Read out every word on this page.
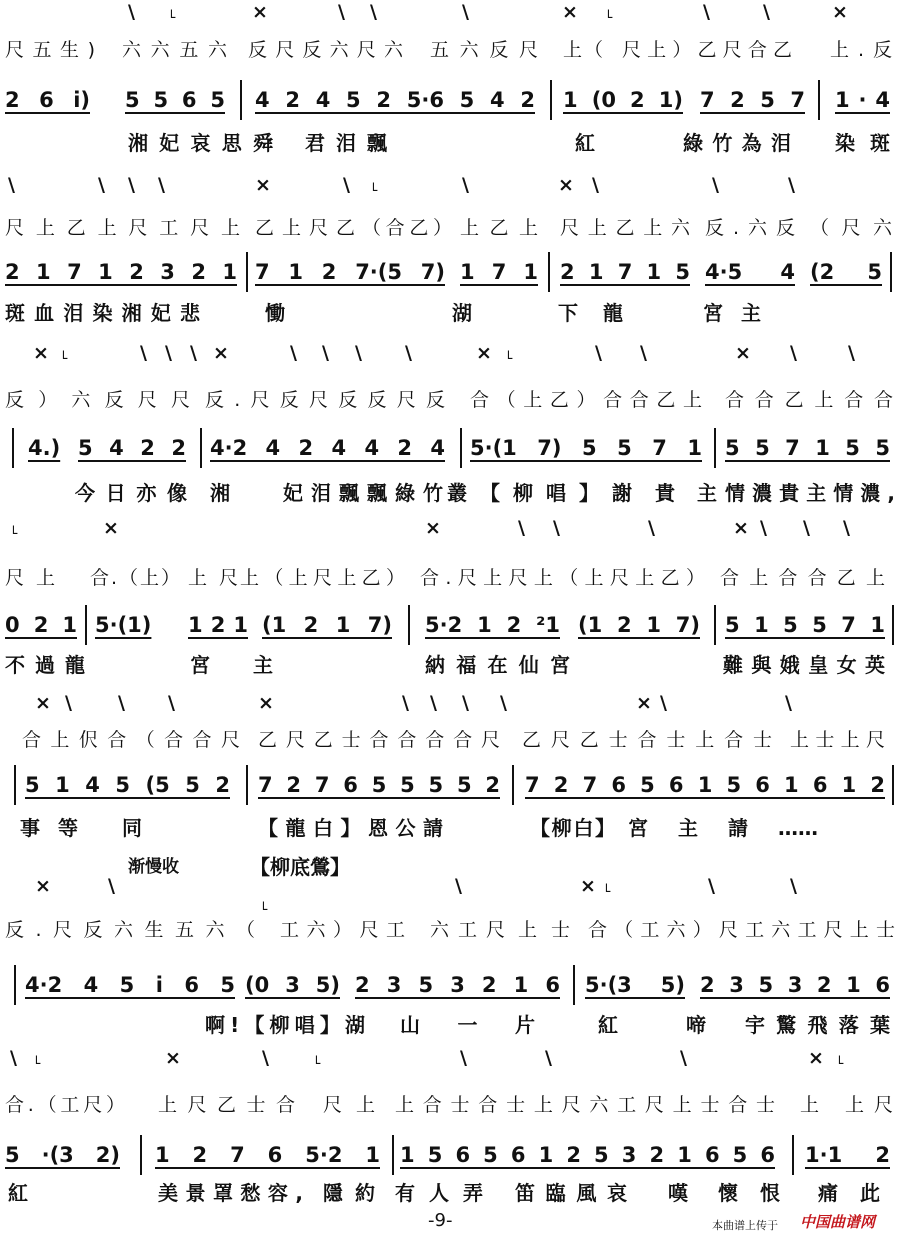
渐慢收	【柳底鶯】
-9-	本曲谱上传于 中国曲谱网
\ ˪	×	\ \	\	× ˪	\	\	×
尺五生) 六六五六 反尺反六尺六 五六反尺 上（ 尺上）乙尺合乙 上.反
2 6 i) 5 5 6 5 4 2 4 5 2 5·6 5 4 2 1 (0 2 1) 7 2 5 7 1 · 4
湘妃哀思舜 君泪飄	紅	綠竹為泪 染斑
\	\ \ \	×	\ ˪	\	× \	\	\
尺上乙上尺工尺上 乙上尺乙 （合乙） 上乙上 尺上乙上六 反.六反 （尺六
2 1 7 1 2 3 2 1 7 1 2 7·(5 7) 1 7 1 2 1 7 1 5 4·5 4 (2 5
斑血泪染湘妃悲	慟	湖	下龍	宮主
× ˪	\ \ \ ×	\ \ \ \	× ˪	\ \	× \	\
反）六反尺尺 反.尺反尺反反尺反 合（上乙）合合乙上 合合乙上合合
4.) 5 4 2 2 4·2 4 2 4 4 2 4 5·(1 7) 5 5 7 1 5 5 7 1 5 5
今日亦像 湘	妃泪飄飄綠竹 叢【柳唱】謝 貴主 情濃貴主情濃,
˪	×	×	\ \	\	× \ \ \
尺上 合.（上） 上尺 上（上尺上乙） 合.尺上尺上（上尺上乙） 合上合合乙上
0 2 1 5·(1)	1 2 1 (1 2 1 7) 5·2 1 2 ²1 (1 2 1 7) 5 1 5 5 7 1
不過龍	宮 主	納福在仙宮	難與娥皇女英
× \ \ \	×	\ \ \ \	× \	\
合上伬合（合合尺 乙尺乙士合合合合尺 乙尺乙士合士上合士 上士上尺
5 1 4 5 (5 5 2 7 2 7 6 5 5 5 5 2 7 2 7 6 5 6 1 5 6 1 6 1 2
事等 同	【龍白】恩公請	【柳白】 宮主請……
×	\
˪
\	× ˪	\	\
反.尺反六生五六（ 工六）尺工 六工尺 上士 合（工六）尺工六工尺上士
4·2 4 5 i 6 5 (0 3 5) 2 3 5 3 2 1 6 5·(3 5) 2 3 5 3 2 1 6
啊!【柳唱】湖 山一片	紅	啼 宇驚飛落葉
\ ˪	×	\ ˪	\	\	\	× ˪
合.（工尺） 上尺乙士合 尺上 上合士合士上尺六工尺上士合士 上 上尺
5 ·(3 2) 1 2 7 6 5·2 1 1 5 6 5 6 1 2 5 3 2 1 6 5 6 1·1 2
紅	美景罩愁容, 隱約 有人弄 笛臨風哀 嘆 懷恨 痛此
